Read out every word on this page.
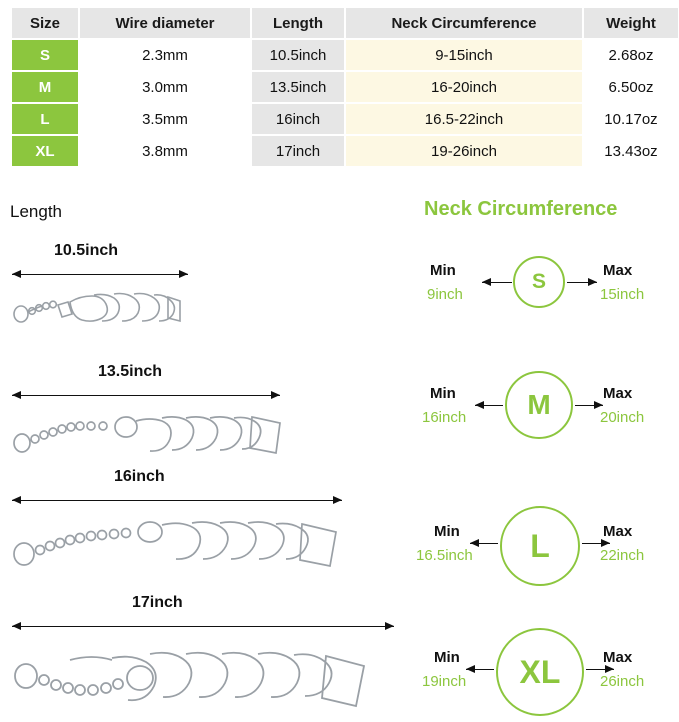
Size	Wire diameter	Length	Neck Circumference	Weight
S	2.3mm	10.5inch	9-15inch	2.68oz
M	3.0mm	13.5inch	16-20inch	6.50oz
L	3.5mm	16inch	16.5-22inch	10.17oz
XL	3.8mm	17inch	19-26inch	13.43oz
Length	Neck Circumference
10.5inch
13.5inch
16inch
17inch
S
Min
9inch
Max
15inch
M
Min
16inch
Max
20inch
L
Min
16.5inch
Max
22inch
XL
Min
19inch
Max
26inch
